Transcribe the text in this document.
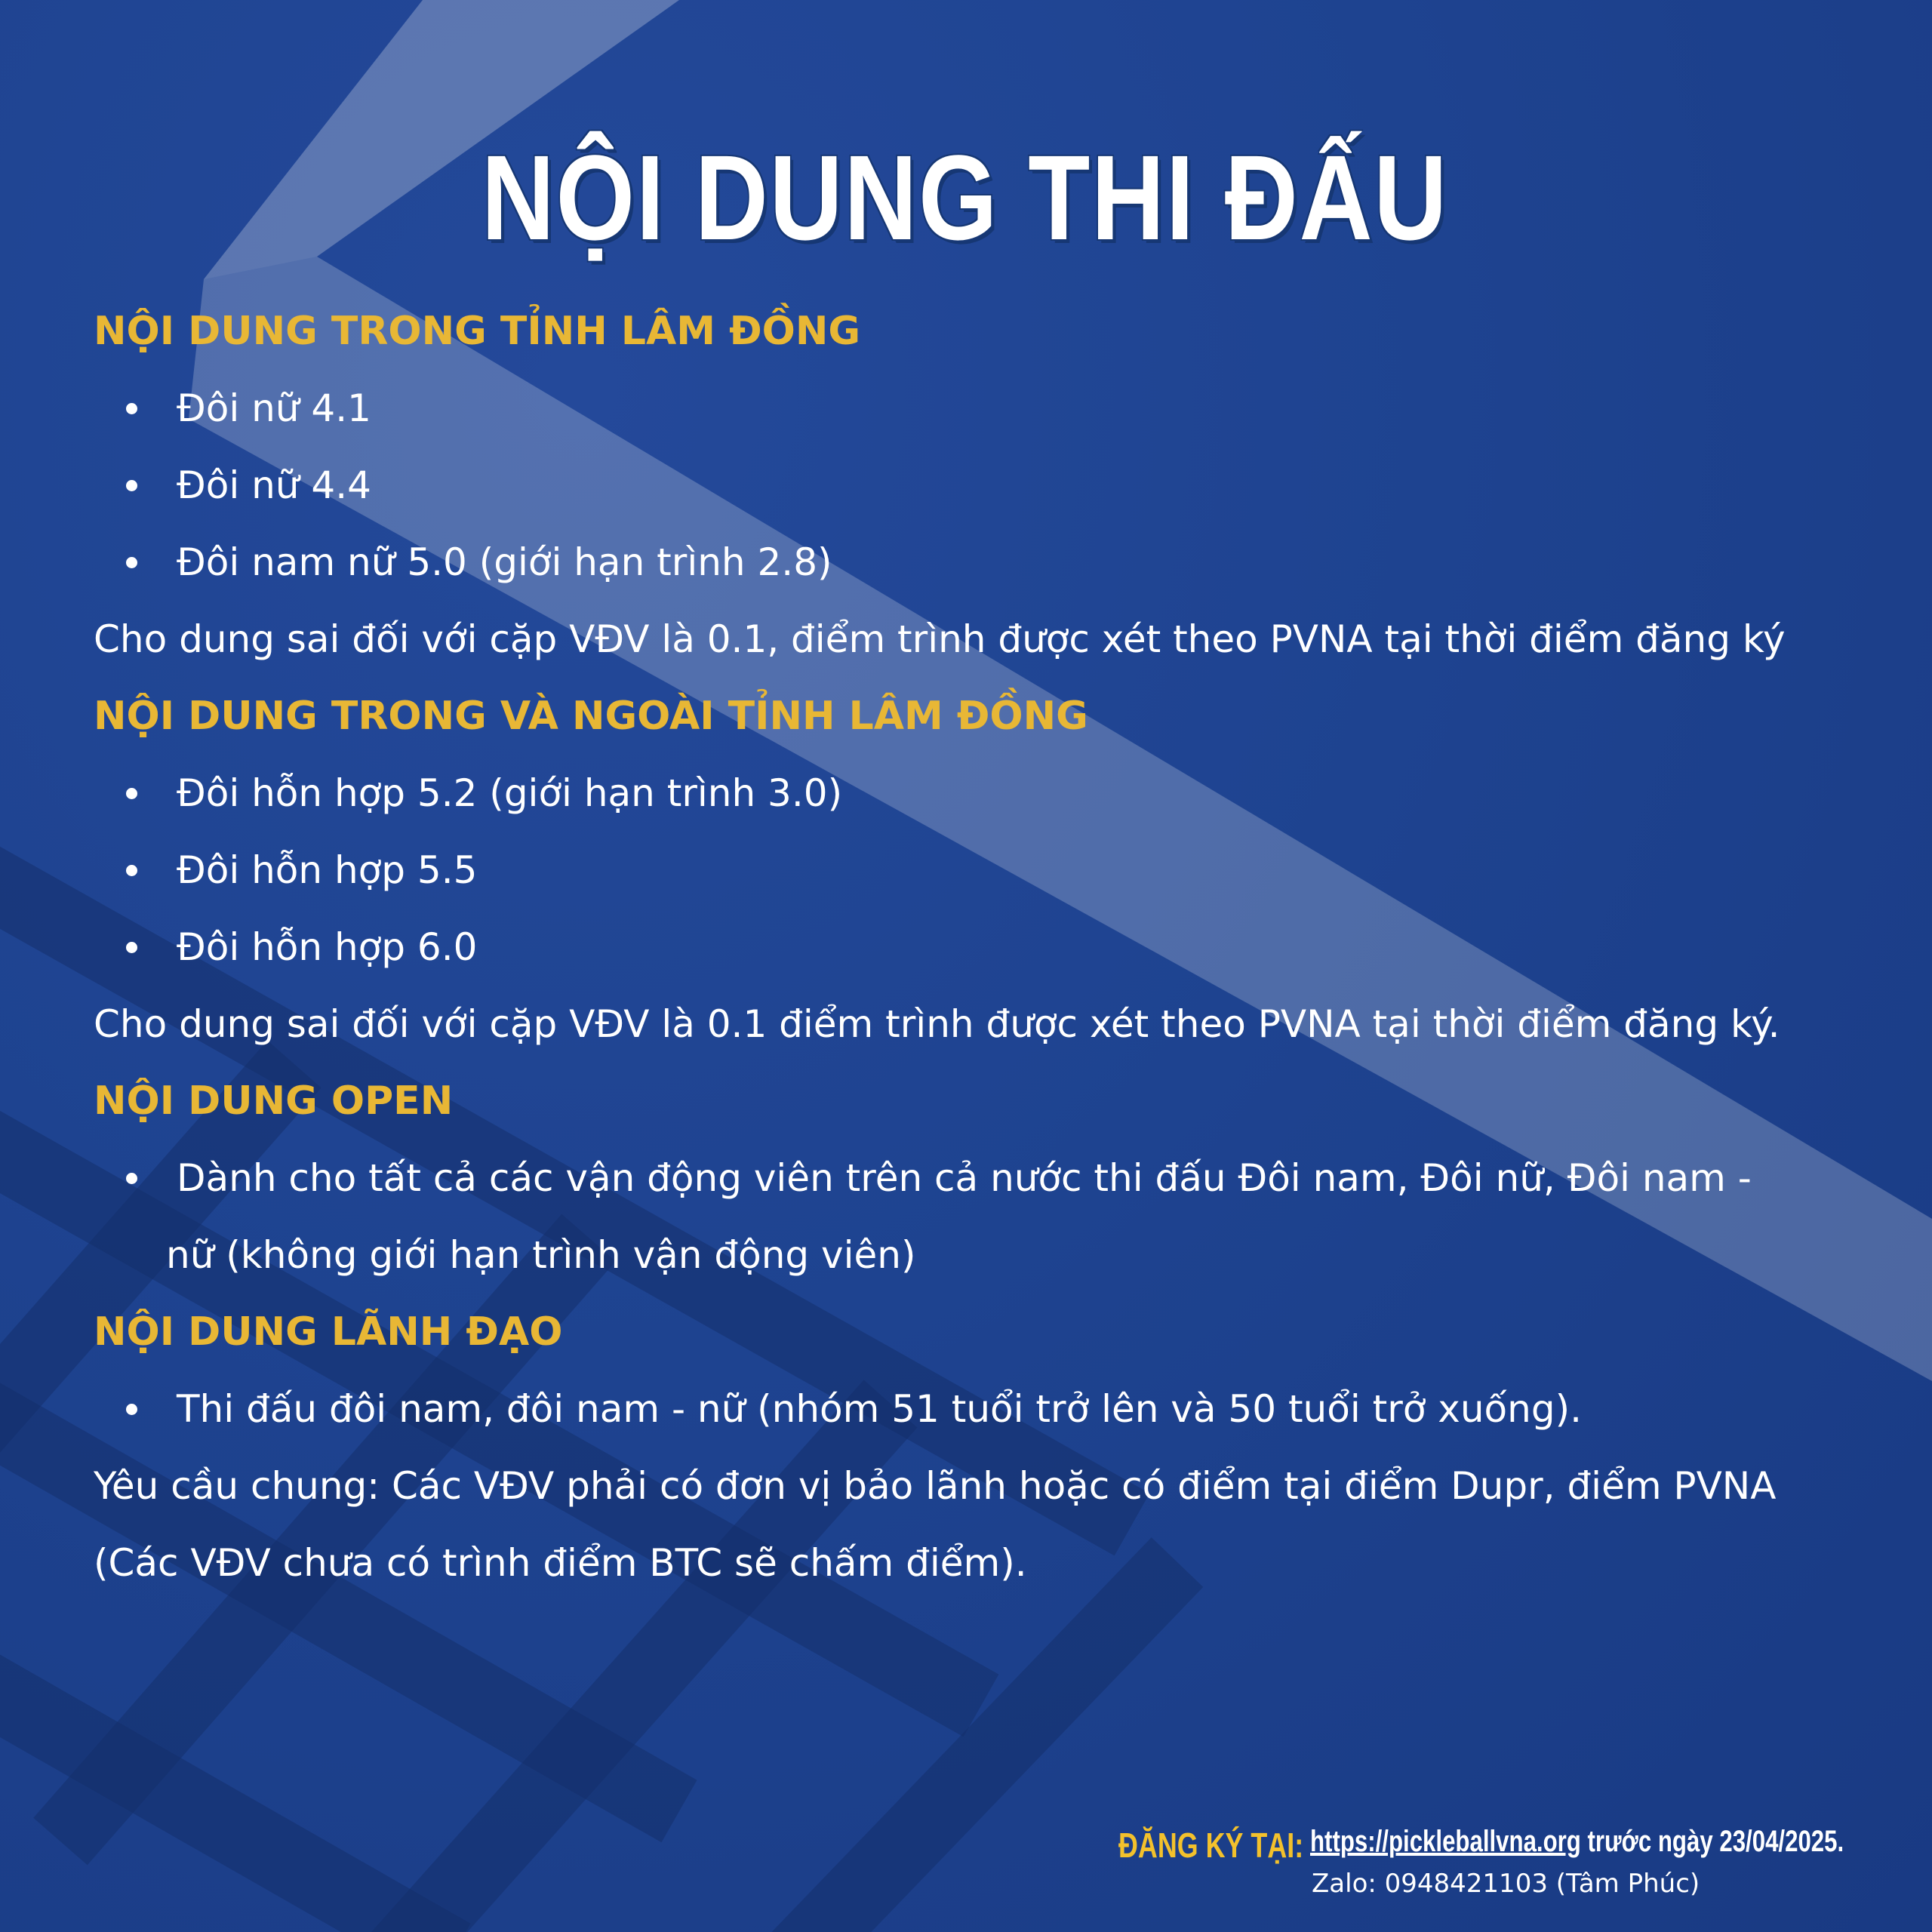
NỘI DUNG THI ĐẤU
NỘI DUNG TRONG TỈNH LÂM ĐỒNG
Đôi nữ 4.1
Đôi nữ 4.4
Đôi nam nữ 5.0 (giới hạn trình 2.8)
Cho dung sai đối với cặp VĐV là 0.1, điểm trình được xét theo PVNA tại thời điểm đăng ký
NỘI DUNG TRONG VÀ NGOÀI TỈNH LÂM ĐỒNG
Đôi hỗn hợp 5.2 (giới hạn trình 3.0)
Đôi hỗn hợp 5.5
Đôi hỗn hợp 6.0
Cho dung sai đối với cặp VĐV là 0.1 điểm trình được xét theo PVNA tại thời điểm đăng ký.
NỘI DUNG OPEN
Dành cho tất cả các vận động viên trên cả nước thi đấu Đôi nam, Đôi nữ, Đôi nam -
nữ (không giới hạn trình vận động viên)
NỘI DUNG LÃNH ĐẠO
Thi đấu đôi nam, đôi nam - nữ (nhóm 51 tuổi trở lên và 50 tuổi trở xuống).
Yêu cầu chung: Các VĐV phải có đơn vị bảo lãnh hoặc có điểm tại điểm Dupr, điểm PVNA
(Các VĐV chưa có trình điểm BTC sẽ chấm điểm).
ĐĂNG KÝ TẠI: https://pickleballvna.org trước ngày 23/04/2025.
Zalo: 0948421103 (Tâm Phúc)
